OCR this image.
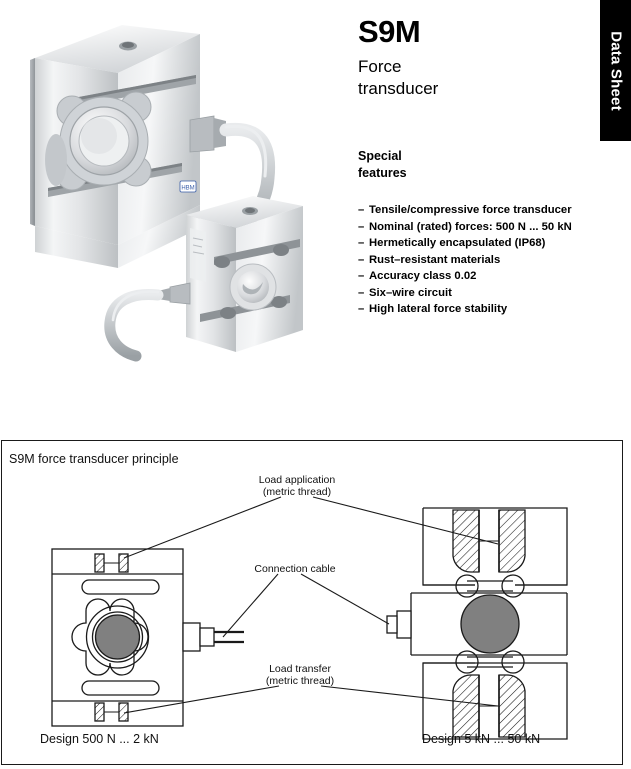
HBM
Data Sheet
S9M
Force
transducer
Special
features
– Tensile/compressive force transducer
– Nominal (rated) forces: 500 N ... 50 kN
– Hermetically encapsulated (IP68)
– Rust–resistant materials
– Accuracy class 0.02
– Six–wire circuit
– High lateral force stability
S9M force transducer principle
Load application
(metric thread)
Connection cable
Load transfer
(metric thread)
Design 500 N ... 2 kN	Design 5 kN ... 50 kN
